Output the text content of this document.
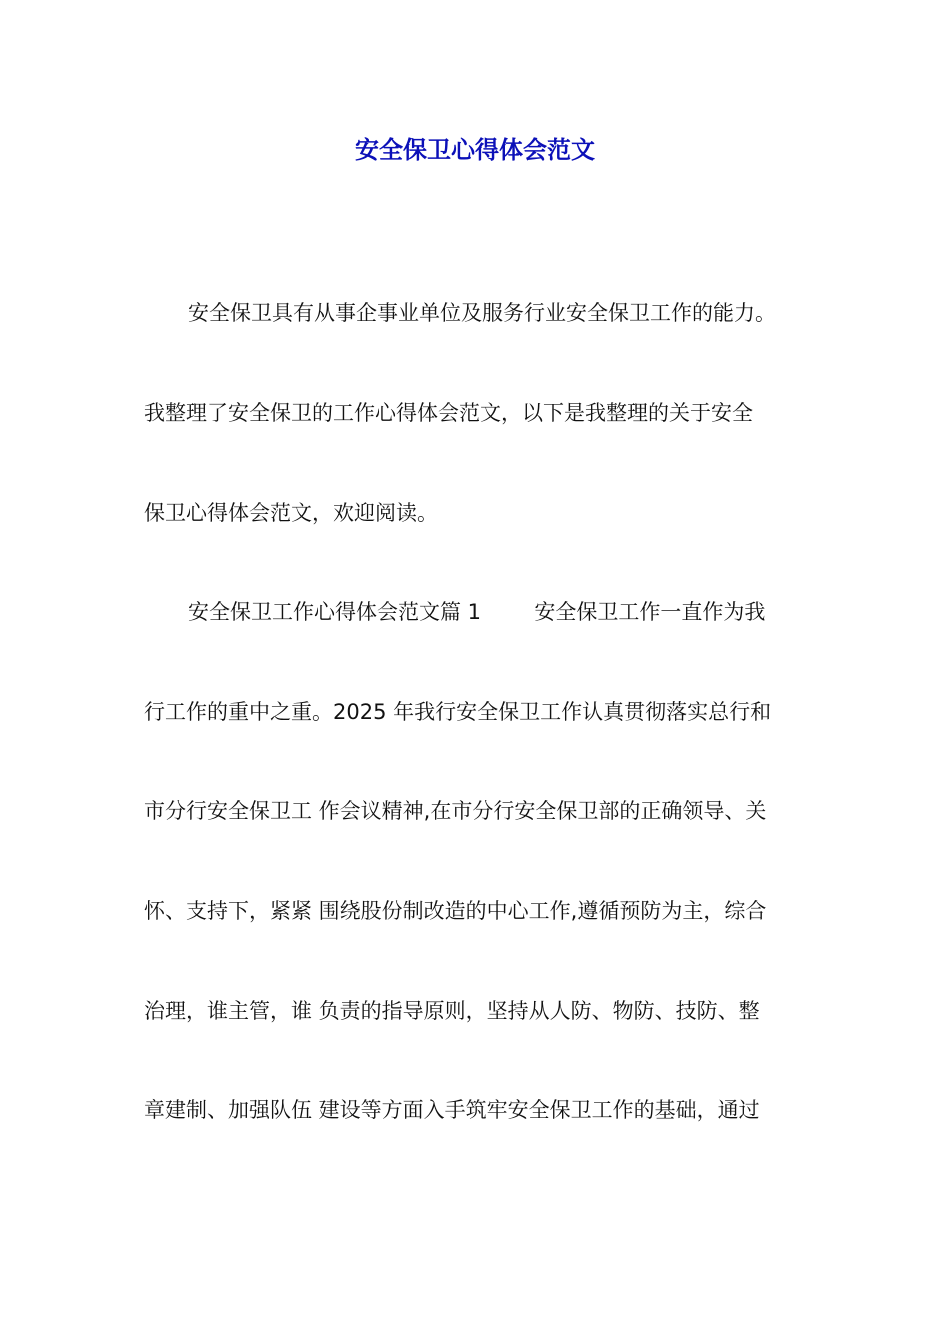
安全保卫心得体会范文

安全保卫具有从事企事业单位及服务行业安全保卫工作的能力。

我整理了安全保卫的工作心得体会范文，以下是我整理的关于安全

保卫心得体会范文，欢迎阅读。

安全保卫工作心得体会范文篇 1        安全保卫工作一直作为我

行工作的重中之重。2025 年我行安全保卫工作认真贯彻落实总行和

市分行安全保卫工 作会议精神,在市分行安全保卫部的正确领导、关

怀、支持下，紧紧 围绕股份制改造的中心工作,遵循预防为主，综合

治理，谁主管，谁 负责的指导原则，坚持从人防、物防、技防、整

章建制、加强队伍 建设等方面入手筑牢安全保卫工作的基础，通过
